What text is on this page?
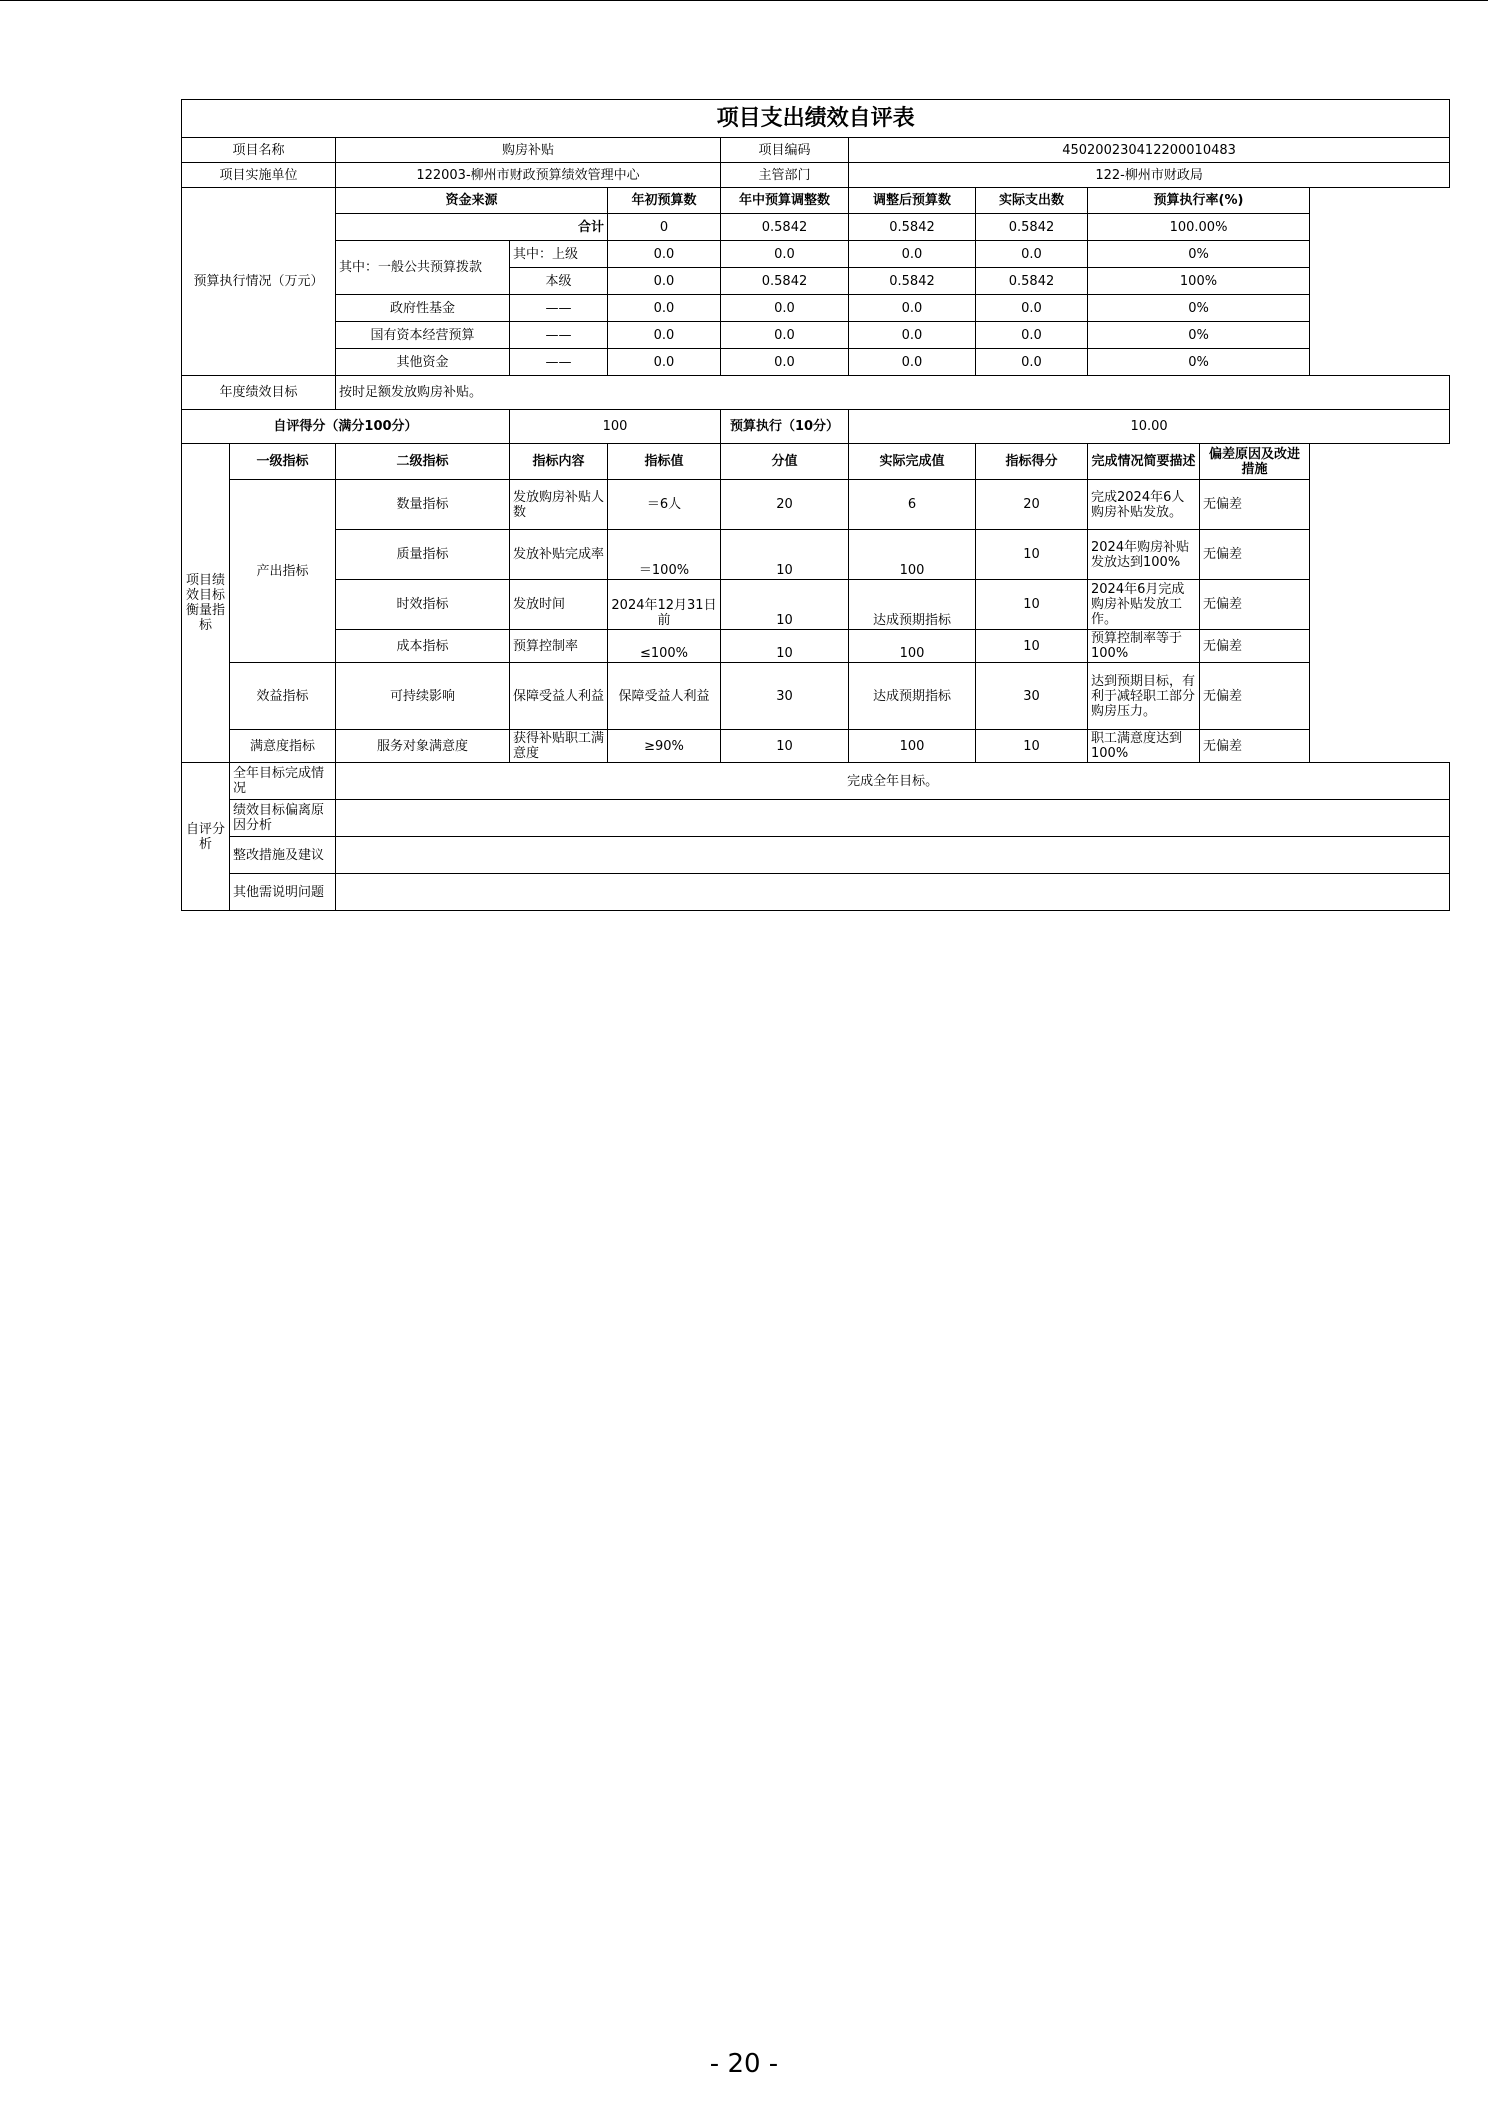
项目支出绩效自评表									
项目名称		购房补贴			项目编码	450200230412200010483			
项目实施单位		122003-柳州市财政预算绩效管理中心			主管部门	122-柳州市财政局			
预算执行情况（万元）		资金来源		年初预算数	年中预算调整数	调整后预算数	实际支出数	预算执行率(%)	
		合计		0	0.5842	0.5842	0.5842	100.00%	
		其中：一般公共预算拨款	其中：上级	0.0	0.0	0.0	0.0	0%	
			本级	0.0	0.5842	0.5842	0.5842	100%	
		政府性基金	——	0.0	0.0	0.0	0.0	0%	
		国有资本经营预算	——	0.0	0.0	0.0	0.0	0%	
		其他资金	——	0.0	0.0	0.0	0.0	0%	
年度绩效目标		按时足额发放购房补贴。							
自评得分（满分100分）			100		预算执行（10分）	10.00			
项目绩效目标衡量指标	一级指标	二级指标	指标内容	指标值	分值	实际完成值	指标得分	完成情况简要描述	偏差原因及改进措施
	产出指标	数量指标	发放购房补贴人数	＝6人	20	6	20	完成2024年6人购房补贴发放。	无偏差
		质量指标	发放补贴完成率	＝100%	10	100	10	2024年购房补贴发放达到100%	无偏差
		时效指标	发放时间	2024年12月31日前	10	达成预期指标	10	2024年6月完成购房补贴发放工作。	无偏差
		成本指标	预算控制率	≤100%	10	100	10	预算控制率等于100%	无偏差
	效益指标	可持续影响	保障受益人利益	保障受益人利益	30	达成预期指标	30	达到预期目标，有利于减轻职工部分购房压力。	无偏差
	满意度指标	服务对象满意度	获得补贴职工满意度	≥90%	10	100	10	职工满意度达到100%	无偏差
自评分析	全年目标完成情况	完成全年目标。							
	绩效目标偏离原因分析								
	整改措施及建议								
	其他需说明问题								
- 20 -
